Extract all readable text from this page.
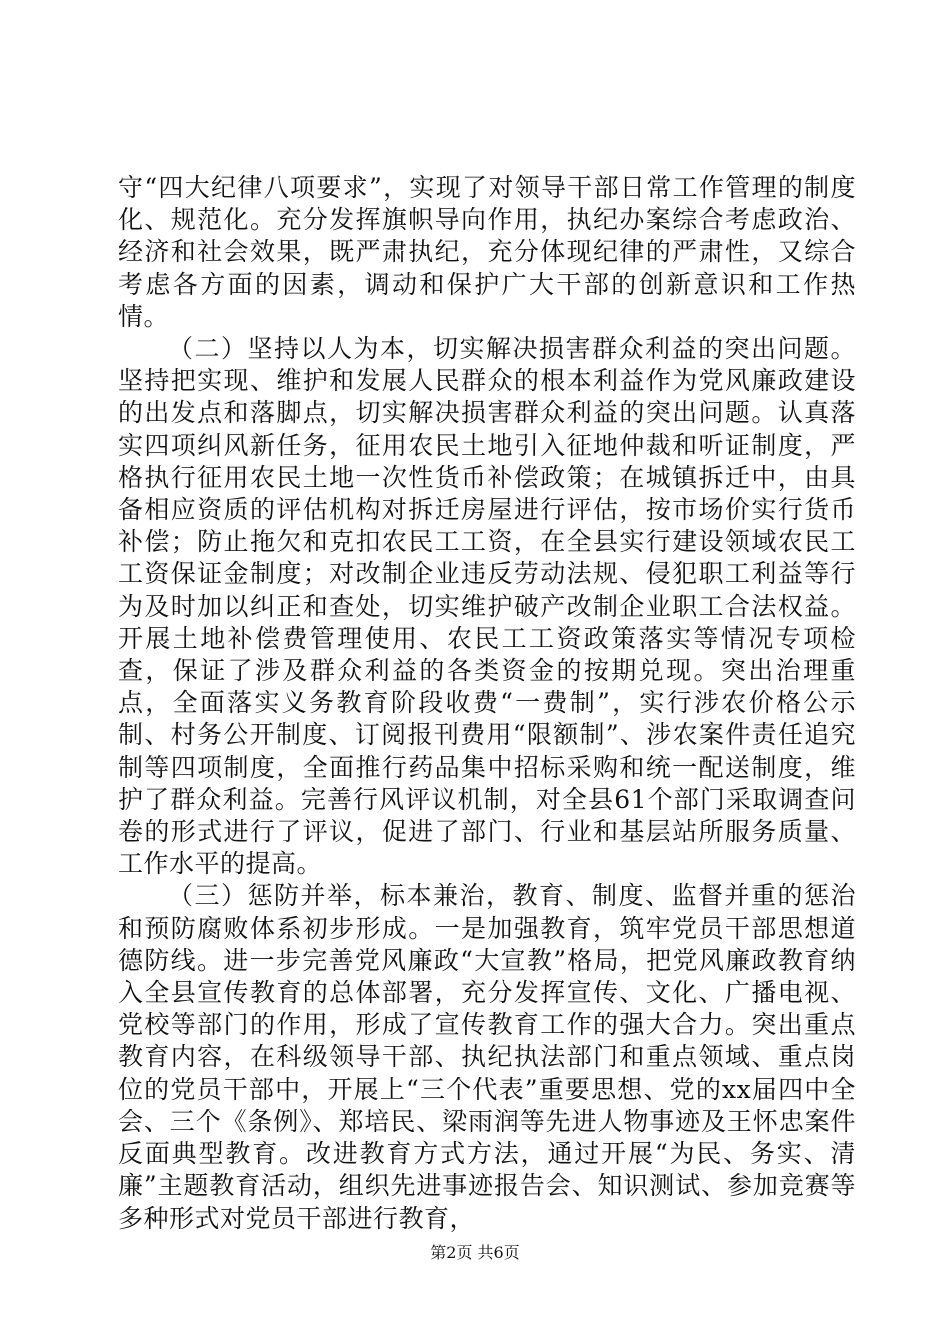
守“四大纪律八项要求”，实现了对领导干部日常工作管理的制度化、规范化。充分发挥旗帜导向作用，执纪办案综合考虑政治、经济和社会效果，既严肃执纪，充分体现纪律的严肃性，又综合考虑各方面的因素，调动和保护广大干部的创新意识和工作热情。

（二）坚持以人为本，切实解决损害群众利益的突出问题。坚持把实现、维护和发展人民群众的根本利益作为党风廉政建设的出发点和落脚点，切实解决损害群众利益的突出问题。认真落实四项纠风新任务，征用农民土地引入征地仲裁和听证制度，严格执行征用农民土地一次性货币补偿政策；在城镇拆迁中，由具备相应资质的评估机构对拆迁房屋进行评估，按市场价实行货币补偿；防止拖欠和克扣农民工工资，在全县实行建设领域农民工工资保证金制度；对改制企业违反劳动法规、侵犯职工利益等行为及时加以纠正和查处，切实维护破产改制企业职工合法权益。开展土地补偿费管理使用、农民工工资政策落实等情况专项检查，保证了涉及群众利益的各类资金的按期兑现。突出治理重点，全面落实义务教育阶段收费“一费制”，实行涉农价格公示制、村务公开制度、订阅报刊费用“限额制”、涉农案件责任追究制等四项制度，全面推行药品集中招标采购和统一配送制度，维护了群众利益。完善行风评议机制，对全县61个部门采取调查问卷的形式进行了评议，促进了部门、行业和基层站所服务质量、工作水平的提高。

（三）惩防并举，标本兼治，教育、制度、监督并重的惩治和预防腐败体系初步形成。一是加强教育，筑牢党员干部思想道德防线。进一步完善党风廉政“大宣教”格局，把党风廉政教育纳入全县宣传教育的总体部署，充分发挥宣传、文化、广播电视、党校等部门的作用，形成了宣传教育工作的强大合力。突出重点教育内容，在科级领导干部、执纪执法部门和重点领域、重点岗位的党员干部中，开展上“三个代表”重要思想、党的xx届四中全会、三个《条例》、郑培民、梁雨润等先进人物事迹及王怀忠案件反面典型教育。改进教育方式方法，通过开展“为民、务实、清廉”主题教育活动，组织先进事迹报告会、知识测试、参加竞赛等多种形式对党员干部进行教育，

第2页 共6页
